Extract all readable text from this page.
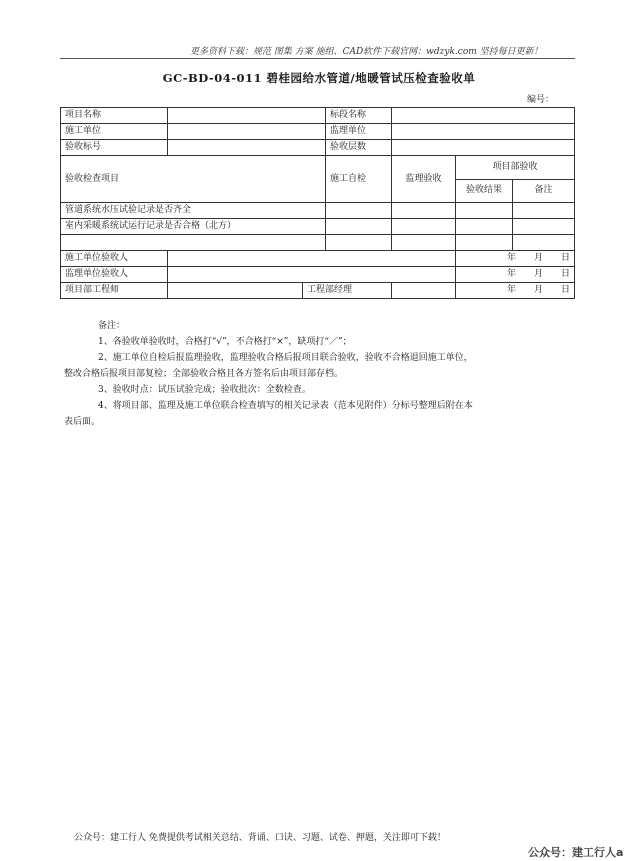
更多资料下载：规范 图集 方案 施组、CAD软件下载官网：wdzyk.com 坚持每日更新！
GC-BD-04-011 碧桂园给水管道/地暖管试压检查验收单
编号：
项目名称			标段名称			
施工单位			监理单位			
验收标号			验收层数			
验收检查项目			施工自检	监理验收	项目部验收	
					验收结果	备注
管道系统水压试验记录是否齐全						
室内采暖系统试运行记录是否合格（北方）						

施工单位验收人					年　　月　　日	
监理单位验收人					年　　月　　日	
项目部工程师		工程部经理			年　　月　　日	

备注：

1、各验收单验收时，合格打“√”，不合格打“×”，缺项打“／”；

2、施工单位自检后报监理验收，监理验收合格后报项目联合验收，验收不合格退回施工单位，

整改合格后报项目部复检；全部验收合格且各方签名后由项目部存档。

3、验收时点：试压试验完成；验收批次：全数检查。

4、将项目部、监理及施工单位联合检查填写的相关记录表（范本见附件）分标号整理后附在本

表后面。

公众号：建工行人 免费提供考试相关总结、背诵、口诀、习题、试卷、押题，关注即可下载！
公众号：建工行人a
